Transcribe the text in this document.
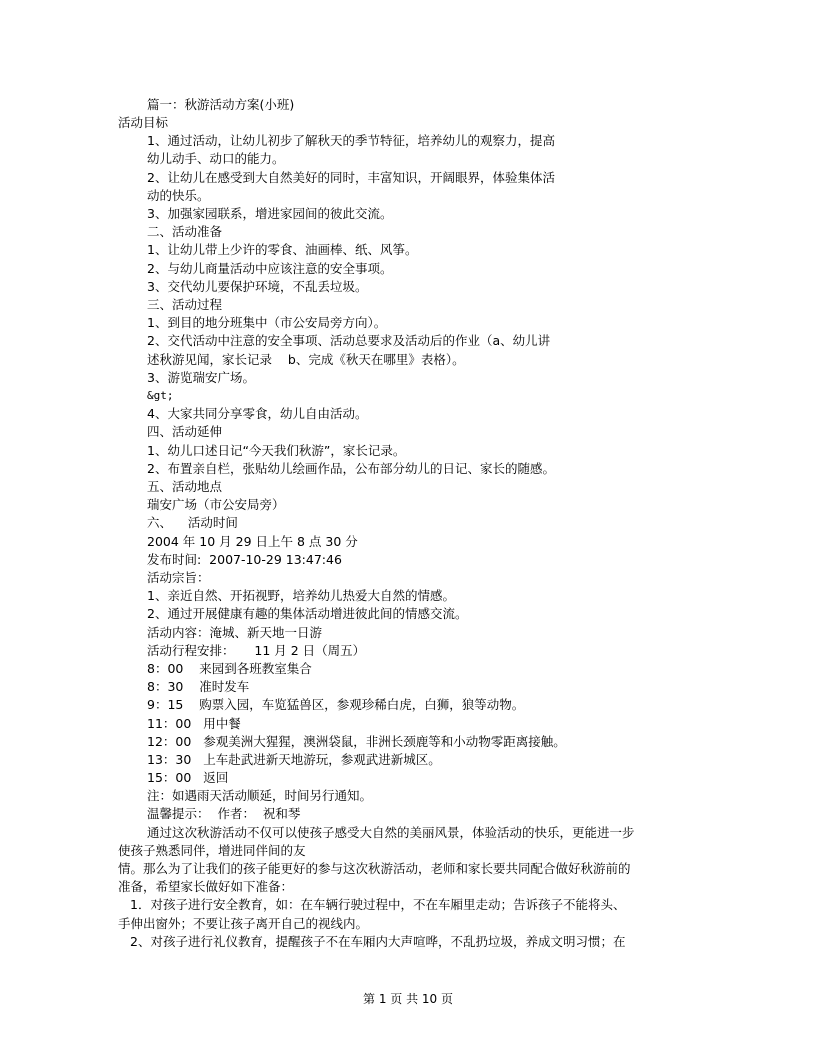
篇一：秋游活动方案(小班)
活动目标
1、通过活动，让幼儿初步了解秋天的季节特征，培养幼儿的观察力，提高
幼儿动手、动口的能力。
2、让幼儿在感受到大自然美好的同时，丰富知识，开阔眼界，体验集体活
动的快乐。
3、加强家园联系，增进家园间的彼此交流。
二、活动准备
1、让幼儿带上少许的零食、油画棒、纸、风筝。
2、与幼儿商量活动中应该注意的安全事项。
3、交代幼儿要保护环境，不乱丢垃圾。
三、活动过程
1、到目的地分班集中（市公安局旁方向）。
2、交代活动中注意的安全事项、活动总要求及活动后的作业（a、幼儿讲
述秋游见闻，家长记录    b、完成《秋天在哪里》表格）。
3、游览瑞安广场。
&gt;
4、大家共同分享零食，幼儿自由活动。
四、活动延伸
1、幼儿口述日记“今天我们秋游”，家长记录。
2、布置亲自栏，张贴幼儿绘画作品，公布部分幼儿的日记、家长的随感。
五、活动地点
瑞安广场（市公安局旁）
六、    活动时间
2004 年 10 月 29 日上午 8 点 30 分
发布时间:  2007-10-29 13:47:46
活动宗旨：
1、亲近自然、开拓视野，培养幼儿热爱大自然的情感。
2、通过开展健康有趣的集体活动增进彼此间的情感交流。
活动内容：淹城、新天地一日游
活动行程安排：     11 月 2 日（周五）
8：00    来园到各班教室集合
8：30    准时发车
9：15    购票入园，车览猛兽区，参观珍稀白虎，白狮，狼等动物。
11：00   用中餐
12：00   参观美洲大猩猩，澳洲袋鼠，非洲长颈鹿等和小动物零距离接触。
13：30   上车赴武进新天地游玩，参观武进新城区。
15：00   返回
注：如遇雨天活动顺延，时间另行通知。
温馨提示：  作者：  祝和琴
通过这次秋游活动不仅可以使孩子感受大自然的美丽风景，体验活动的快乐，更能进一步
使孩子熟悉同伴，增进同伴间的友
情。那么为了让我们的孩子能更好的参与这次秋游活动，老师和家长要共同配合做好秋游前的
准备，希望家长做好如下准备：
1．对孩子进行安全教育，如：在车辆行驶过程中，不在车厢里走动；告诉孩子不能将头、
手伸出窗外；不要让孩子离开自己的视线内。
2、对孩子进行礼仪教育，提醒孩子不在车厢内大声喧哗，不乱扔垃圾，养成文明习惯；在
第 1 页 共 10 页
